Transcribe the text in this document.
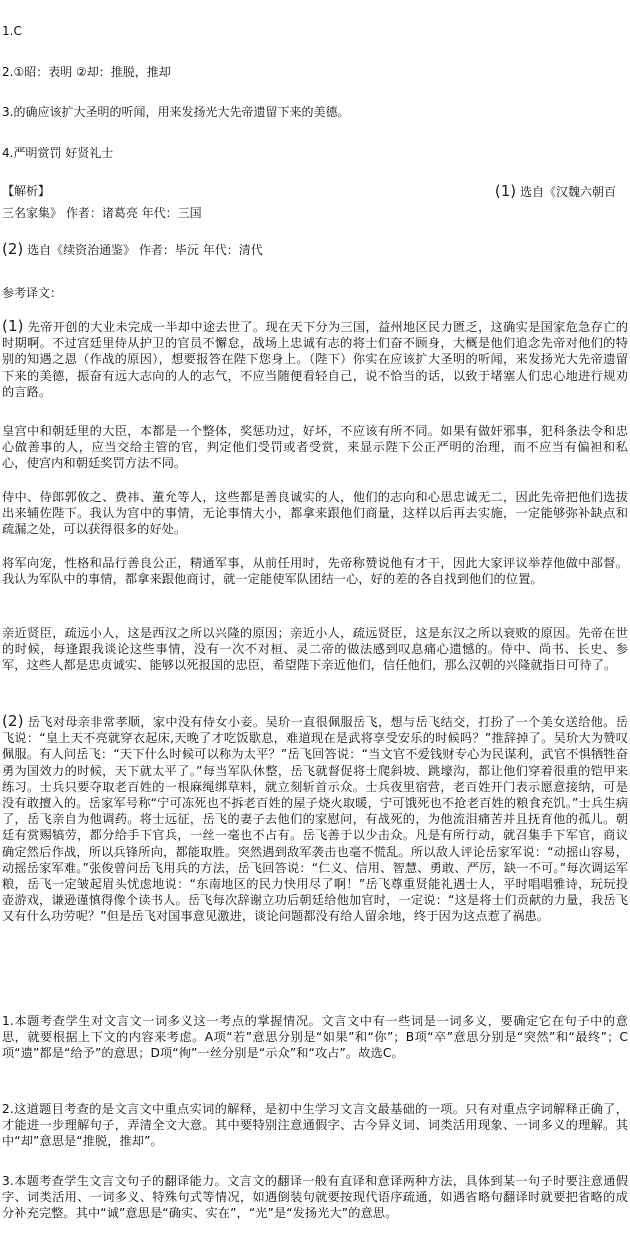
1.C
2.①昭：表明 ②却：推脱，推却
3.的确应该扩大圣明的听闻，用来发扬光大先帝遗留下来的美德。
4.严明赏罚 好贤礼士
【解析】	(1) 选自《汉魏六朝百
三名家集》 作者：诸葛亮 年代：三国
(2) 选自《续资治通鉴》 作者：毕沅 年代：清代
参考译文：
(1) 先帝开创的大业未完成一半却中途去世了。现在天下分为三国，益州地区民力匮乏，这确实是国家危急存亡的时期啊。不过宫廷里侍从护卫的官员不懈怠，战场上忠诚有志的将士们奋不顾身，大概是他们追念先帝对他们的特别的知遇之恩（作战的原因），想要报答在陛下您身上。（陛下）你实在应该扩大圣明的听闻，来发扬光大先帝遗留下来的美德，振奋有远大志向的人的志气，不应当随便看轻自己，说不恰当的话，以致于堵塞人们忠心地进行规劝的言路。
皇宫中和朝廷里的大臣，本都是一个整体，奖惩功过，好坏，不应该有所不同。如果有做奸邪事，犯科条法令和忠心做善事的人，应当交给主管的官，判定他们受罚或者受赏，来显示陛下公正严明的治理，而不应当有偏袒和私心，使宫内和朝廷奖罚方法不同。
侍中、侍郎郭攸之、费祎、董允等人，这些都是善良诚实的人，他们的志向和心思忠诚无二，因此先帝把他们选拔出来辅佐陛下。我认为宫中的事情，无论事情大小，都拿来跟他们商量，这样以后再去实施，一定能够弥补缺点和疏漏之处，可以获得很多的好处。
将军向宠，性格和品行善良公正，精通军事，从前任用时，先帝称赞说他有才干，因此大家评议举荐他做中部督。我认为军队中的事情，都拿来跟他商讨，就一定能使军队团结一心，好的差的各自找到他们的位置。
亲近贤臣，疏远小人，这是西汉之所以兴隆的原因；亲近小人，疏远贤臣，这是东汉之所以衰败的原因。先帝在世的时候，每逢跟我谈论这些事情，没有一次不对桓、灵二帝的做法感到叹息痛心遗憾的。侍中、尚书、长史、参军，这些人都是忠贞诚实、能够以死报国的忠臣，希望陛下亲近他们，信任他们，那么汉朝的兴隆就指日可待了。
(2) 岳飞对母亲非常孝顺，家中没有侍女小妾。吴玠一直很佩服岳飞，想与岳飞结交，打扮了一个美女送给他。岳飞说：“皇上天不亮就穿衣起床,天晚了才吃饭歇息，难道现在是武将享受安乐的时候吗？”推辞掉了。吴玠大为赞叹佩服。有人问岳飞：“天下什么时候可以称为太平？”岳飞回答说：“当文官不爱钱财专心为民谋利，武官不惧牺牲奋勇为国效力的时候，天下就太平了。”每当军队休整，岳飞就督促将士爬斜坡、跳壕沟，都让他们穿着很重的铠甲来练习。士兵只要夺取老百姓的一根麻绳绑草料，就立刻斩首示众。士兵夜里宿营，老百姓开门表示愿意接纳，可是没有敢擅入的。岳家军号称“宁可冻死也不拆老百姓的屋子烧火取暖，宁可饿死也不抢老百姓的粮食充饥。”士兵生病了，岳飞亲自为他调药。将士远征，岳飞的妻子去他们的家慰问，有战死的，为他流泪痛苦并且抚育他的孤儿。朝廷有赏赐犒劳，都分给手下官兵，一丝一毫也不占有。岳飞善于以少击众。凡是有所行动，就召集手下军官，商议确定然后作战，所以兵锋所向，都能取胜。突然遇到敌军袭击也毫不慌乱。所以敌人评论岳家军说：“动摇山容易，动摇岳家军难。”张俊曾问岳飞用兵的方法，岳飞回答说：“仁义、信用、智慧、勇敢、严厉，缺一不可。”每次调运军粮，岳飞一定皱起眉头忧虑地说：“东南地区的民力快用尽了啊！”岳飞尊重贤能礼遇士人，平时唱唱雅诗，玩玩投壶游戏，谦逊谨慎得像个读书人。岳飞每次辞谢立功后朝廷给他加官时，一定说：“这是将士们贡献的力量，我岳飞又有什么功劳呢？”但是岳飞对国事意见激进，谈论问题都没有给人留余地，终于因为这点惹了祸患。
1.本题考查学生对文言文一词多义这一考点的掌握情况。文言文中有一些词是一词多义，要确定它在句子中的意思，就要根据上下文的内容来考虑。A项“若”意思分别是“如果”和“你”；B项“卒”意思分别是“突然”和“最终”；C项“遗”都是“给予”的意思；D项“徇”一丝分别是“示众”和“攻占”。故选C。
2.这道题目考查的是文言文中重点实词的解释，是初中生学习文言文最基础的一项。只有对重点字词解释正确了，才能进一步理解句子，弄清全文大意。其中要特别注意通假字、古今异义词、词类活用现象、一词多义的理解。其中“却”意思是“推脱，推却”。
3.本题考查学生文言文句子的翻译能力。文言文的翻译一般有直译和意译两种方法，具体到某一句子时要注意通假字、词类活用、一词多义、特殊句式等情况，如遇倒装句就要按现代语序疏通，如遇省略句翻译时就要把省略的成分补充完整。其中“诚”意思是“确实、实在”，“光”是“发扬光大”的意思。
